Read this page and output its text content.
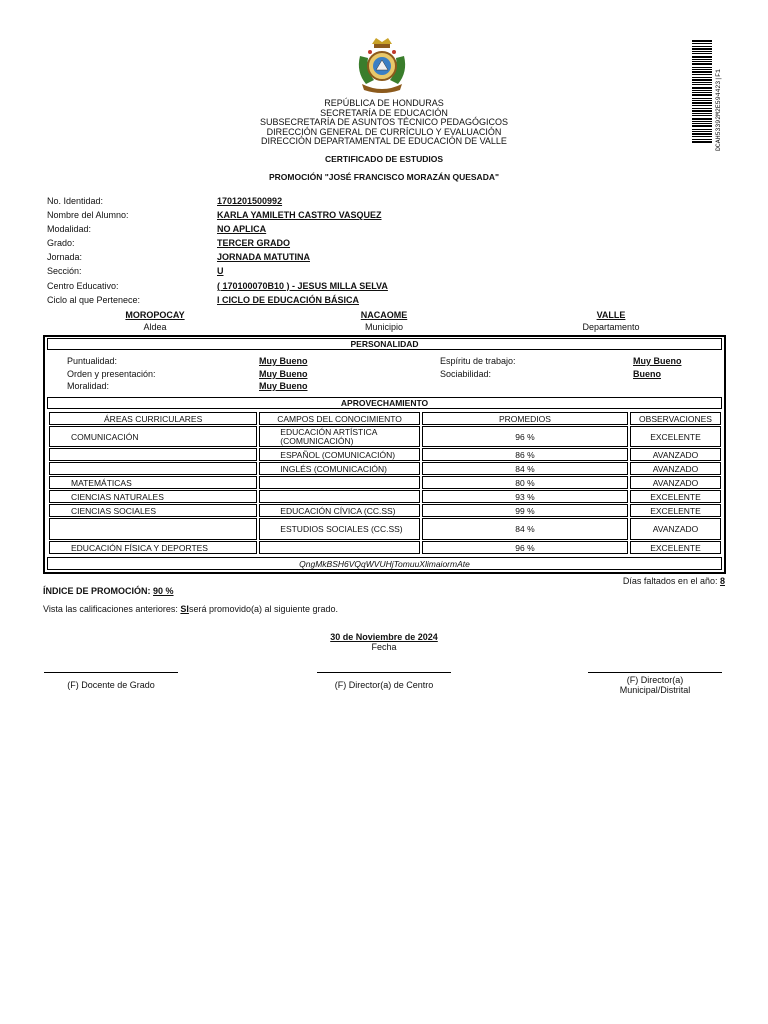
DCAH53392M2E594423|F1
REPÚBLICA DE HONDURAS
SECRETARÍA DE EDUCACIÓN
SUBSECRETARÍA DE ASUNTOS TÉCNICO PEDAGÓGICOS
DIRECCIÓN GENERAL DE CURRÍCULO Y EVALUACIÓN
DIRECCIÓN DEPARTAMENTAL DE EDUCACIÓN DE VALLE
CERTIFICADO DE ESTUDIOS
PROMOCIÓN "JOSÉ FRANCISCO MORAZÁN QUESADA"
No. Identidad:	1701201500992
Nombre del Alumno:	KARLA YAMILETH CASTRO VASQUEZ
Modalidad:	NO APLICA
Grado:	TERCER GRADO
Jornada:	JORNADA MATUTINA
Sección:	U
Centro Educativo:	( 170100070B10 ) - JESUS MILLA SELVA
Ciclo al que Pertenece:	I CICLO DE EDUCACIÓN BÁSICA
MOROPOCAY
Aldea
NACAOME
Municipio
VALLE
Departamento
PERSONALIDAD
Puntualidad:	Muy Bueno
Orden y presentación:	Muy Bueno
Moralidad:	Muy Bueno
Espíritu de trabajo:	Muy Bueno
Sociabilidad:	Bueno
APROVECHAMIENTO
ÁREAS CURRICULARES	CAMPOS DEL CONOCIMIENTO	PROMEDIOS	OBSERVACIONES
COMUNICACIÓN	EDUCACIÓN ARTÍSTICA (COMUNICACIÓN)	96 %	EXCELENTE
	ESPAÑOL (COMUNICACIÓN)	86 %	AVANZADO
	INGLÉS (COMUNICACIÓN)	84 %	AVANZADO
MATEMÁTICAS		80 %	AVANZADO
CIENCIAS NATURALES		93 %	EXCELENTE
CIENCIAS SOCIALES	EDUCACIÓN CÍVICA (CC.SS)	99 %	EXCELENTE
	ESTUDIOS SOCIALES (CC.SS)	84 %	AVANZADO
EDUCACIÓN FÍSICA Y DEPORTES		96 %	EXCELENTE
QngMkBSH6VQqWVUHjTomuuXlimaiormAte
Días faltados en el año: 8
ÍNDICE DE PROMOCIÓN: 90 %
Vista las calificaciones anteriores: SIserá promovido(a) al siguiente grado.
30 de Noviembre de 2024
Fecha
(F) Docente de Grado	(F) Director(a) de Centro	(F) Director(a)
Municipal/Distrital
